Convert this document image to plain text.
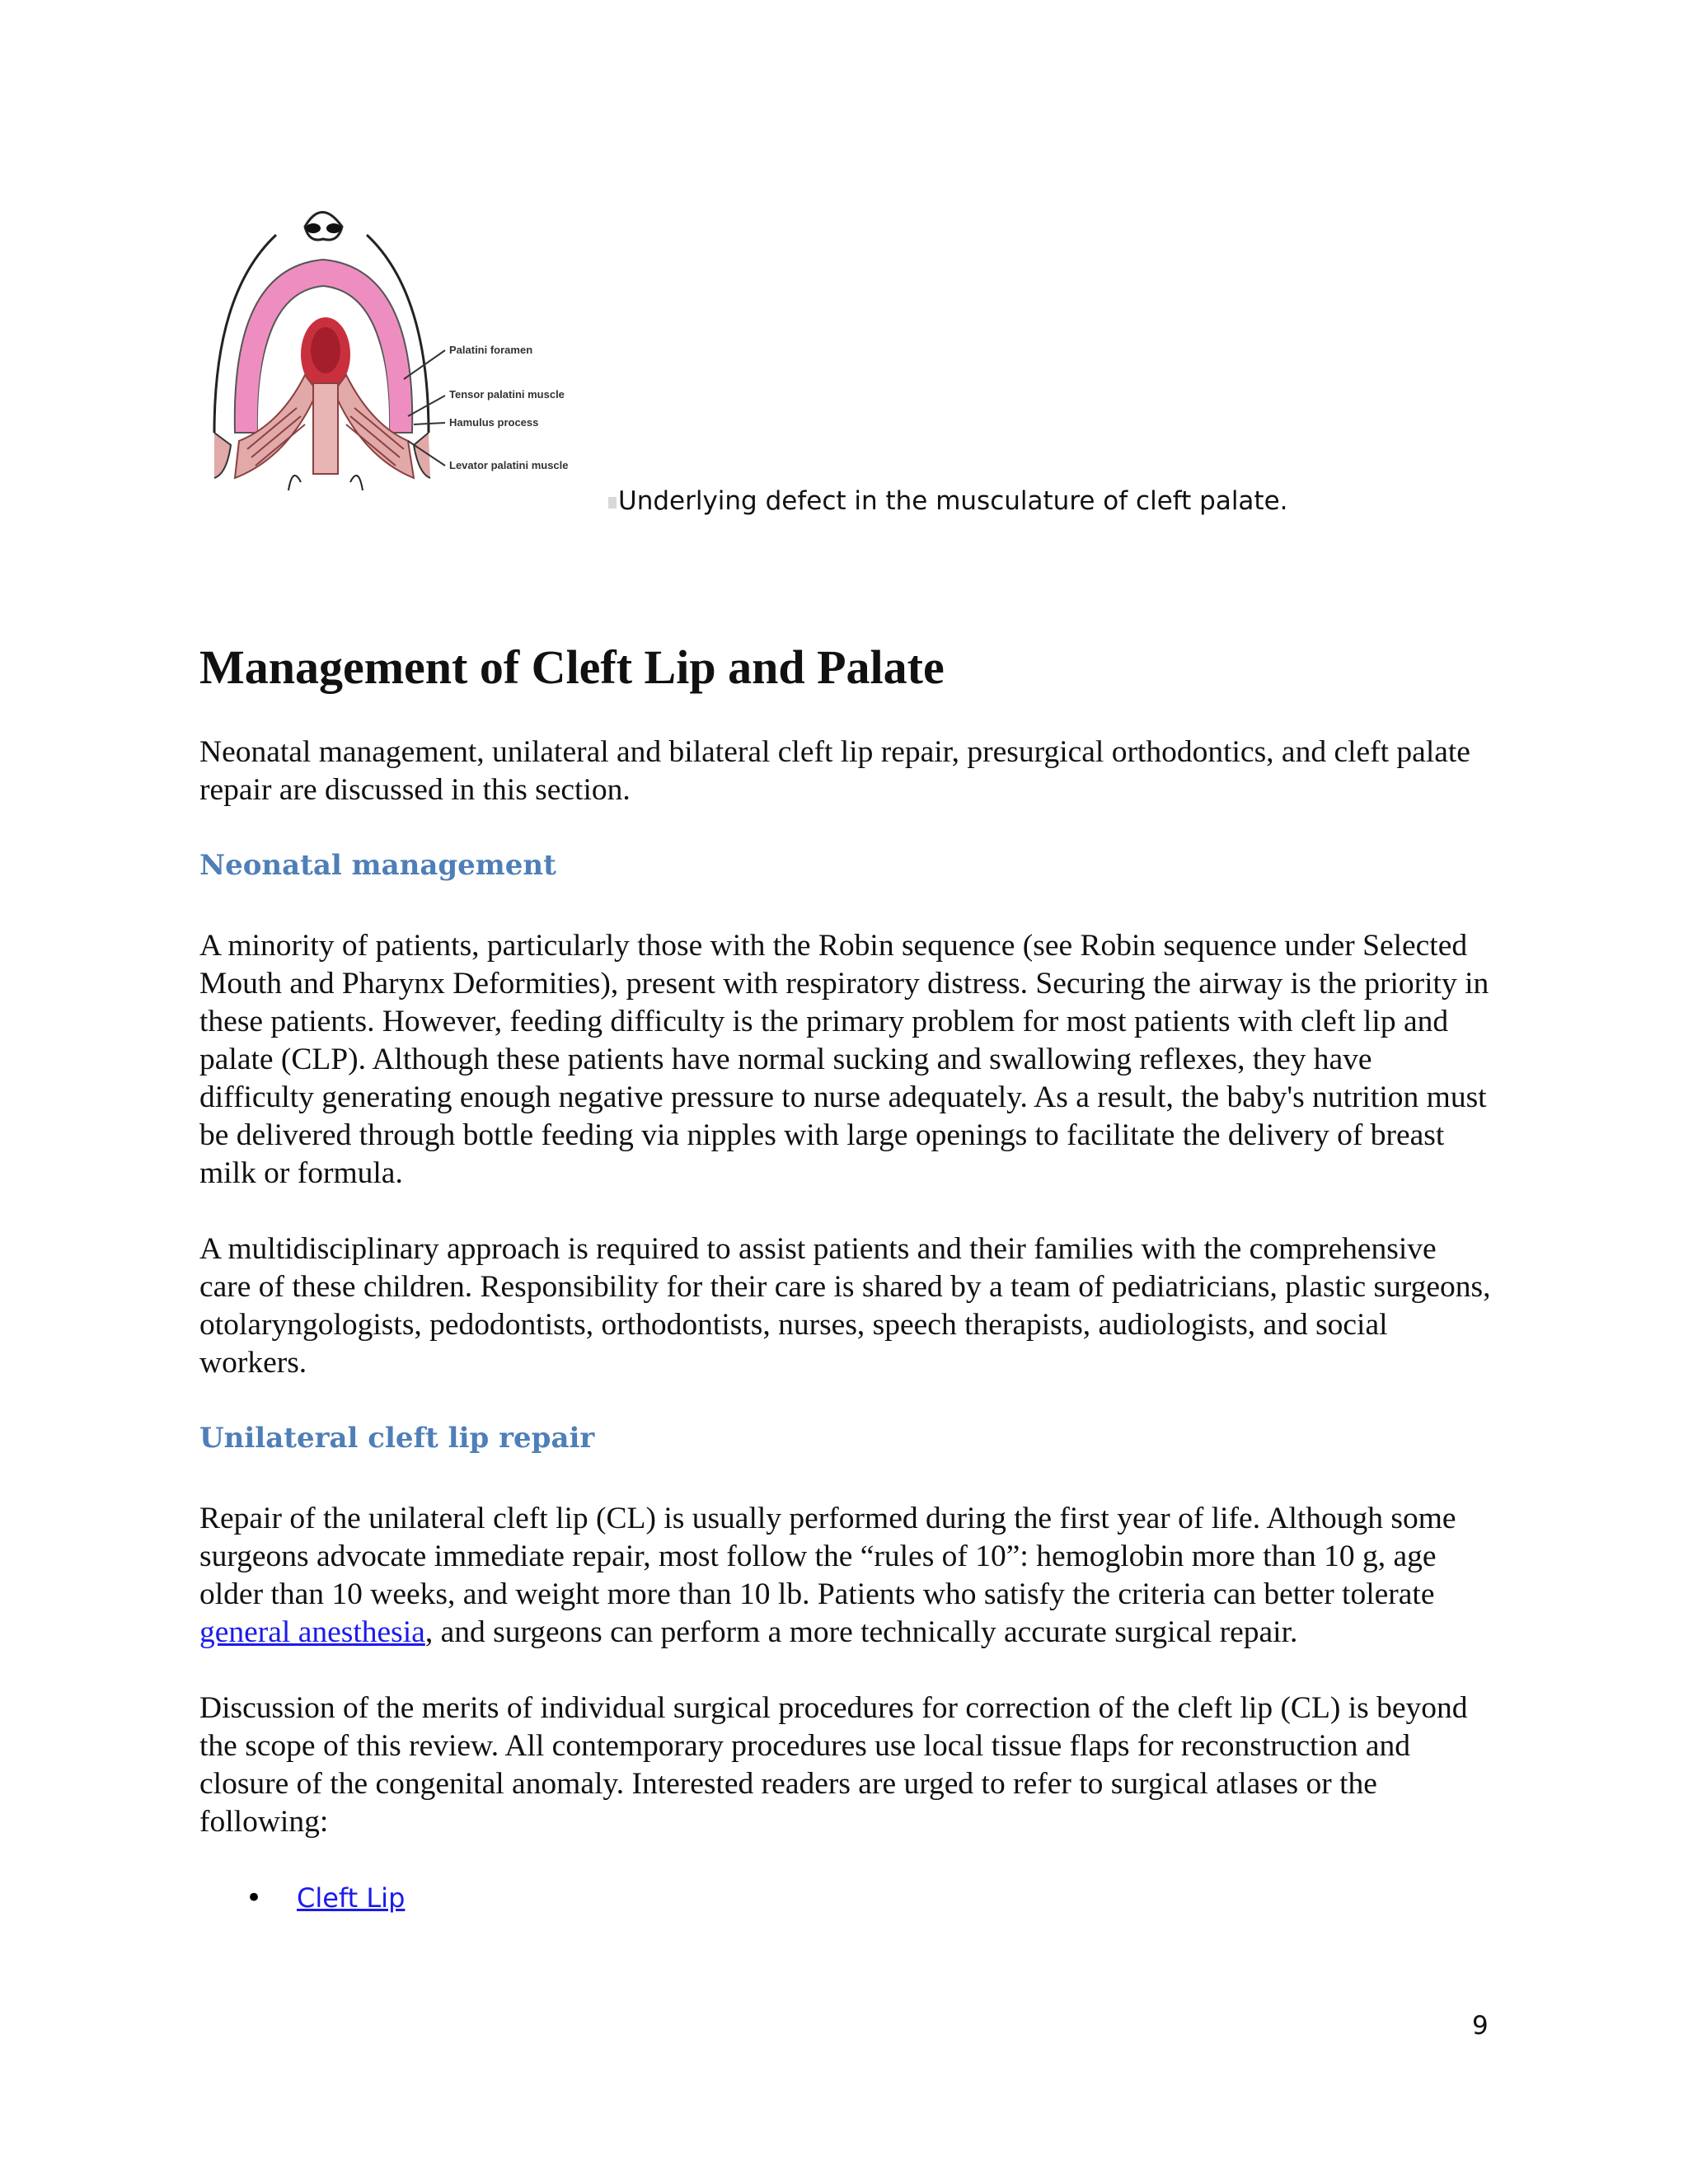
Palatini foramen
Tensor palatini muscle
Hamulus process
Levator palatini muscle
Underlying defect in the musculature of cleft palate.
Management of Cleft Lip and Palate

Neonatal management, unilateral and bilateral cleft lip repair, presurgical orthodontics, and cleft palate repair are discussed in this section.

Neonatal management

A minority of patients, particularly those with the Robin sequence (see Robin sequence under Selected Mouth and Pharynx Deformities), present with respiratory distress. Securing the airway is the priority in these patients. However, feeding difficulty is the primary problem for most patients with cleft lip and palate (CLP). Although these patients have normal sucking and swallowing reflexes, they have difficulty generating enough negative pressure to nurse adequately. As a result, the baby's nutrition must be delivered through bottle feeding via nipples with large openings to facilitate the delivery of breast milk or formula.

A multidisciplinary approach is required to assist patients and their families with the comprehensive care of these children. Responsibility for their care is shared by a team of pediatricians, plastic surgeons, otolaryngologists, pedodontists, orthodontists, nurses, speech therapists, audiologists, and social workers.

Unilateral cleft lip repair

Repair of the unilateral cleft lip (CL) is usually performed during the first year of life. Although some surgeons advocate immediate repair, most follow the “rules of 10”: hemoglobin more than 10 g, age older than 10 weeks, and weight more than 10 lb. Patients who satisfy the criteria can better tolerate general anesthesia, and surgeons can perform a more technically accurate surgical repair.

Discussion of the merits of individual surgical procedures for correction of the cleft lip (CL) is beyond the scope of this review. All contemporary procedures use local tissue flaps for reconstruction and closure of the congenital anomaly. Interested readers are urged to refer to surgical atlases or the following:

• Cleft Lip
9
